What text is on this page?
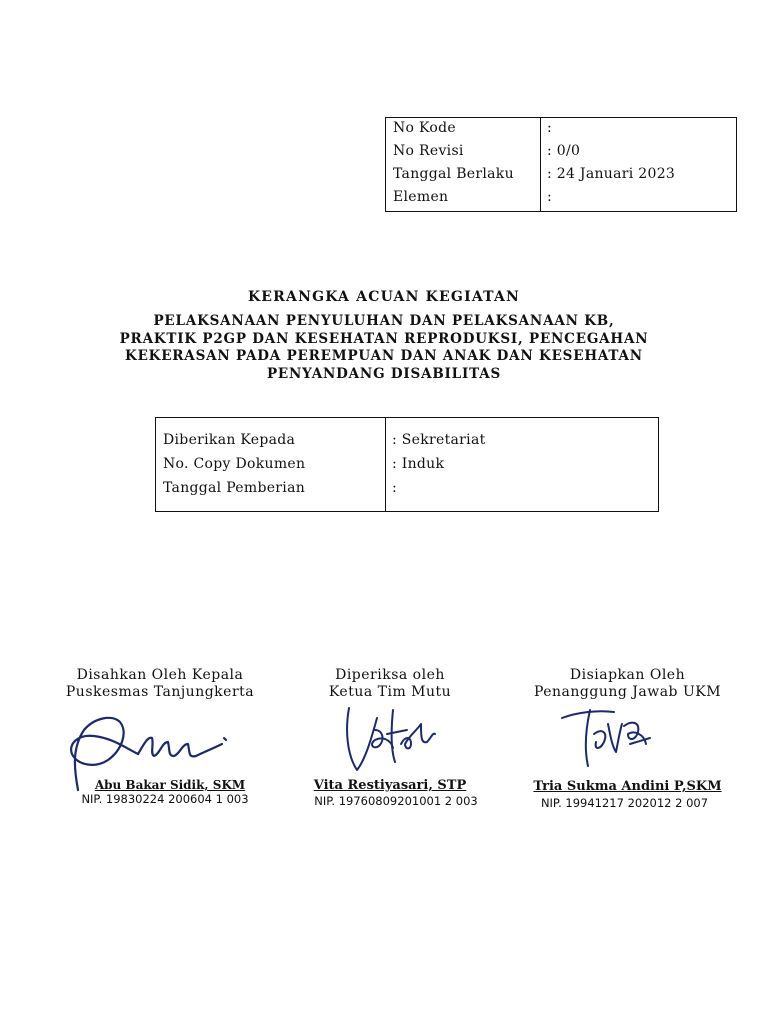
No Kode	:
No Revisi	: 0/0
Tanggal Berlaku : 24 Januari 2023
Elemen	:
KERANGKA ACUAN KEGIATAN
PELAKSANAAN PENYULUHAN DAN PELAKSANAAN KB,
PRAKTIK P2GP DAN KESEHATAN REPRODUKSI, PENCEGAHAN
KEKERASAN PADA PEREMPUAN DAN ANAK DAN KESEHATAN
PENYANDANG DISABILITAS
Diberikan Kepada	: Sekretariat
No. Copy Dokumen	: Induk
Tanggal Pemberian	:
Disahkan Oleh Kepala
Puskesmas Tanjungkerta
Abu Bakar Sidik, SKM
NIP. 19830224 200604 1 003
Diperiksa oleh
Ketua Tim Mutu
Vita Restiyasari, STP
NIP. 19760809201001 2 003
Disiapkan Oleh
Penanggung Jawab UKM
Tria Sukma Andini P,SKM
NIP. 19941217 202012 2 007
